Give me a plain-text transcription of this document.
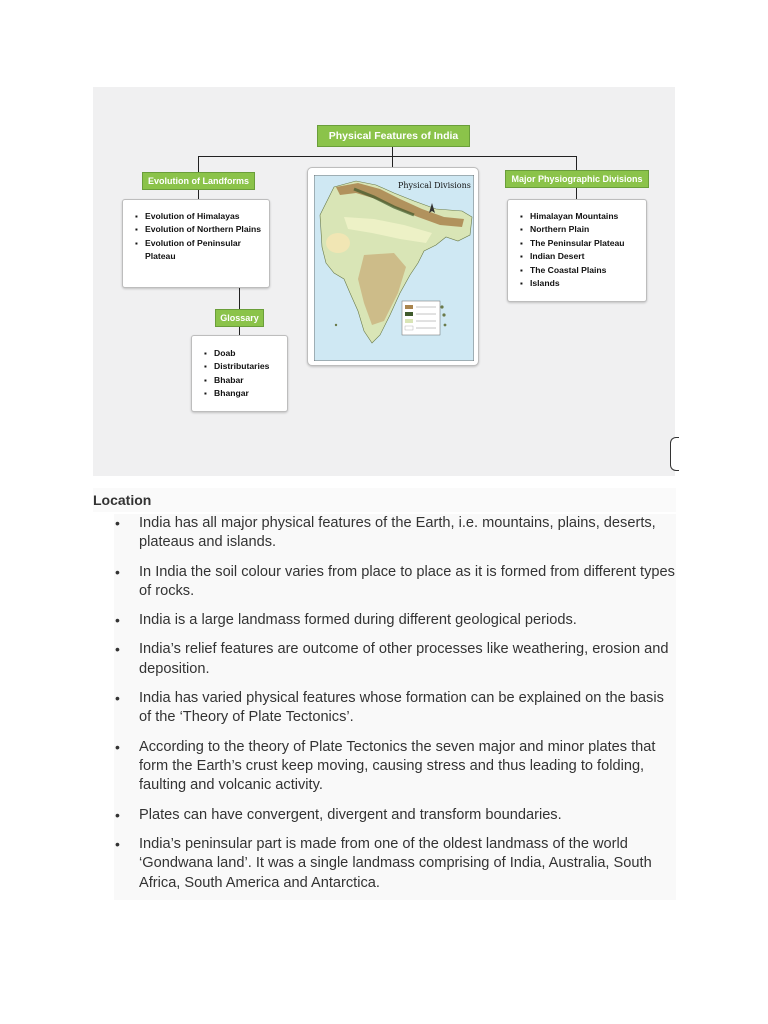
Physical Features of India
Evolution of Landforms	Major Physiographic Divisions
Glossary
▪ Evolution of Himalayas
▪ Evolution of Northern Plains
▪ Evolution of Peninsular Plateau
▪ Doab
▪ Distributaries
▪ Bhabar
▪ Bhangar
▪ Himalayan Mountains
▪ Northern Plain
▪ The Peninsular Plateau
▪ Indian Desert
▪ The Coastal Plains
▪ Islands
Physical Divisions
Location
• India has all major physical features of the Earth, i.e. mountains, plains, deserts, plateaus and islands.
• In India the soil colour varies from place to place as it is formed from different types of rocks.
• India is a large landmass formed during different geological periods.
• India’s relief features are outcome of other processes like weathering, erosion and deposition.
• India has varied physical features whose formation can be explained on the basis of the ‘Theory of Plate Tectonics’.
• According to the theory of Plate Tectonics the seven major and minor plates that form the Earth’s crust keep moving, causing stress and thus leading to folding, faulting and volcanic activity.
• Plates can have convergent, divergent and transform boundaries.
• India’s peninsular part is made from one of the oldest landmass of the world ‘Gondwana land’. It was a single landmass comprising of India, Australia, South Africa, South America and Antarctica.
